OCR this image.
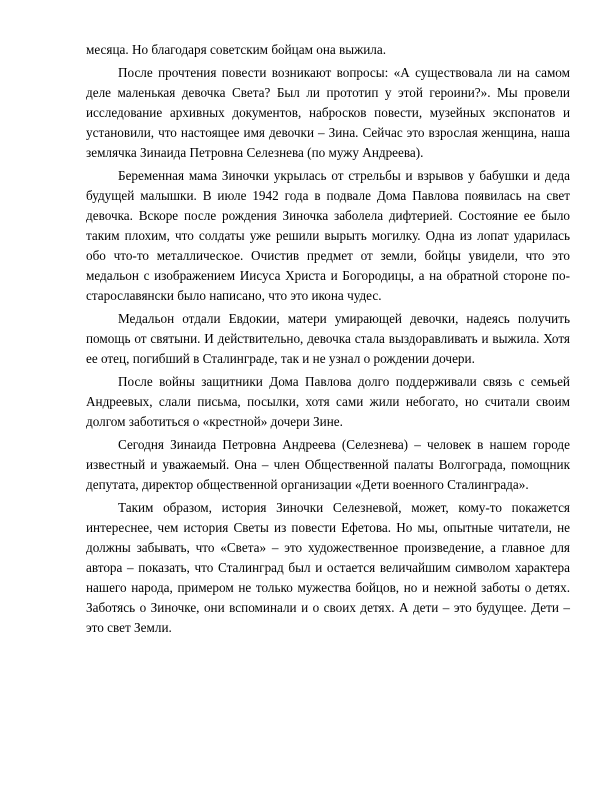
месяца. Но благодаря советским бойцам она выжила.

После прочтения повести возникают вопросы: «А существовала ли на самом деле маленькая девочка Света? Был ли прототип у этой героини?». Мы провели исследование архивных документов, набросков повести, музейных экспонатов и установили, что настоящее имя девочки – Зина. Сейчас это взрослая женщина, наша землячка Зинаида Петровна Селезнева (по мужу Андреева).

Беременная мама Зиночки укрылась от стрельбы и взрывов у бабушки и деда будущей малышки. В июле 1942 года в подвале Дома Павлова появилась на свет девочка. Вскоре после рождения Зиночка заболела дифтерией. Состояние ее было таким плохим, что солдаты уже решили вырыть могилку. Одна из лопат ударилась обо что-то металлическое. Очистив предмет от земли, бойцы увидели, что это медальон с изображением Иисуса Христа и Богородицы, а на обратной стороне по-старославянски было написано, что это икона чудес.

Медальон отдали Евдокии, матери умирающей девочки, надеясь получить помощь от святыни. И действительно, девочка стала выздоравливать и выжила. Хотя ее отец, погибший в Сталинграде, так и не узнал о рождении дочери.

После войны защитники Дома Павлова долго поддерживали связь с семьей Андреевых, слали письма, посылки, хотя сами жили небогато, но считали своим долгом заботиться о «крестной» дочери Зине.

Сегодня Зинаида Петровна Андреева (Селезнева) – человек в нашем городе известный и уважаемый. Она – член Общественной палаты Волгограда, помощник депутата, директор общественной организации «Дети военного Сталинграда».

Таким образом, история Зиночки Селезневой, может, кому-то покажется интереснее, чем история Светы из повести Ефетова. Но мы, опытные читатели, не должны забывать, что «Света» – это художественное произведение, а главное для автора – показать, что Сталинград был и остается величайшим символом характера нашего народа, примером не только мужества бойцов, но и нежной заботы о детях. Заботясь о Зиночке, они вспоминали и о своих детях. А дети – это будущее. Дети – это свет Земли.
